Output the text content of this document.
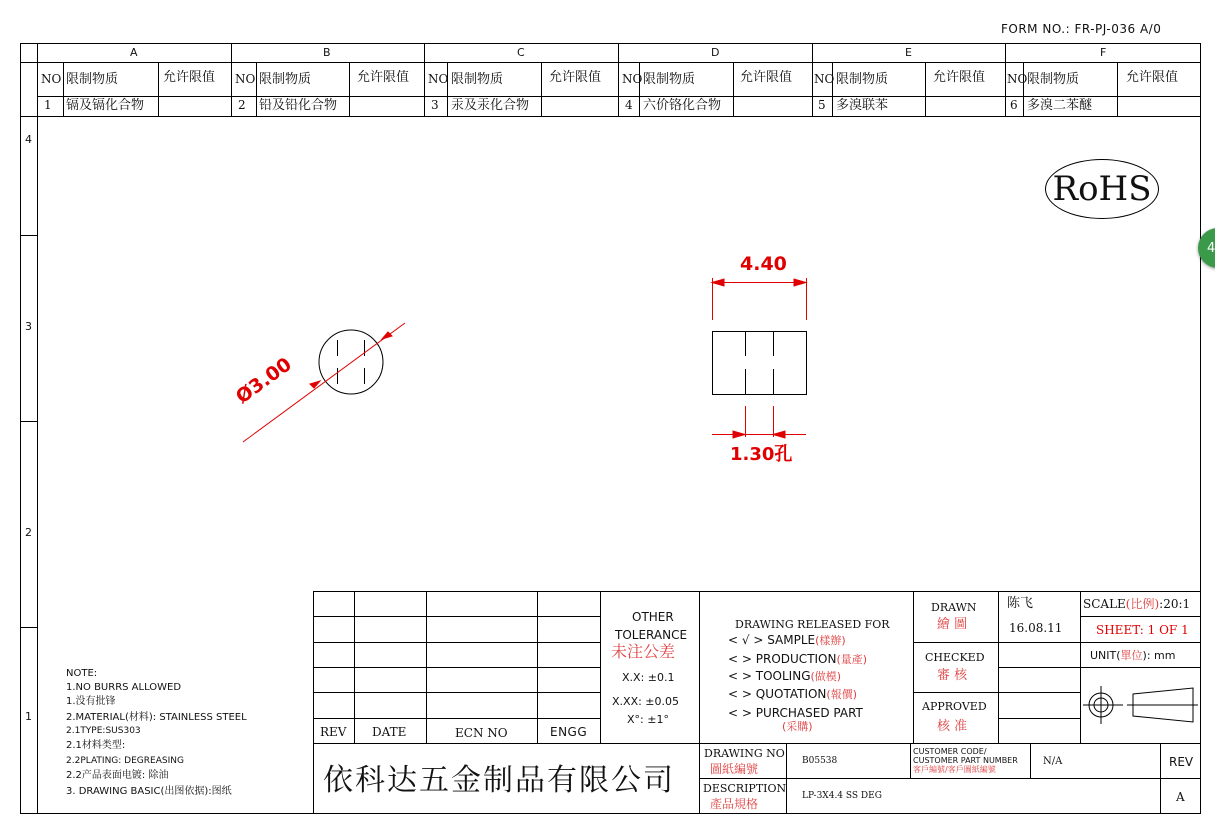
FORM NO.: FR-PJ-036 A/0
A	B	C	D	E	F
4
3
2
1
NO 限制物质	允许限值 NO 限制物质	允许限值 NO 限制物质	允许限值 NO 限制物质	允许限值 NO 限制物质	允许限值 NO 限制物质	允许限值
1 镉及镉化合物	2 铅及铅化合物	3 汞及汞化合物	4 六价铬化合物	5 多溴联苯	6 多溴二苯醚
RoHS
4
Ø3.00
4.40
1.30孔
NOTE:
1.NO BURRS ALLOWED
1.没有批锋
2.MATERIAL(材料): STAINLESS STEEL
2.1TYPE:SUS303
2.1材料类型:
2.2PLATING: DEGREASING
2.2产品表面电镀: 除油
3. DRAWING BASIC(出图依据):图纸
REV DATE	ECN NO	ENGG
OTHER
TOLERANCE
未注公差
X.X: ±0.1
X.XX: ±0.05
X°: ±1°
DRAWING RELEASED FOR
< √ > SAMPLE(樣辦)
< > PRODUCTION(量產)
< > TOOLING(做模)
< > QUOTATION(報價)
< > PURCHASED PART
(采購)
DRAWN
繪 圖
陈飞
16.08.11
CHECKED
審 核
APPROVED
核 准
SCALE(比例):20:1
SHEET: 1 OF 1
UNIT(單位): mm
依科达五金制品有限公司
DRAWING NO
圖紙編號
B05538
DESCRIPTION
產品規格
LP-3X4.4 SS DEG
CUSTOMER CODE/
CUSTOMER PART NUMBER
客戶編號/客戶圖紙編號
N/A	REV
A
